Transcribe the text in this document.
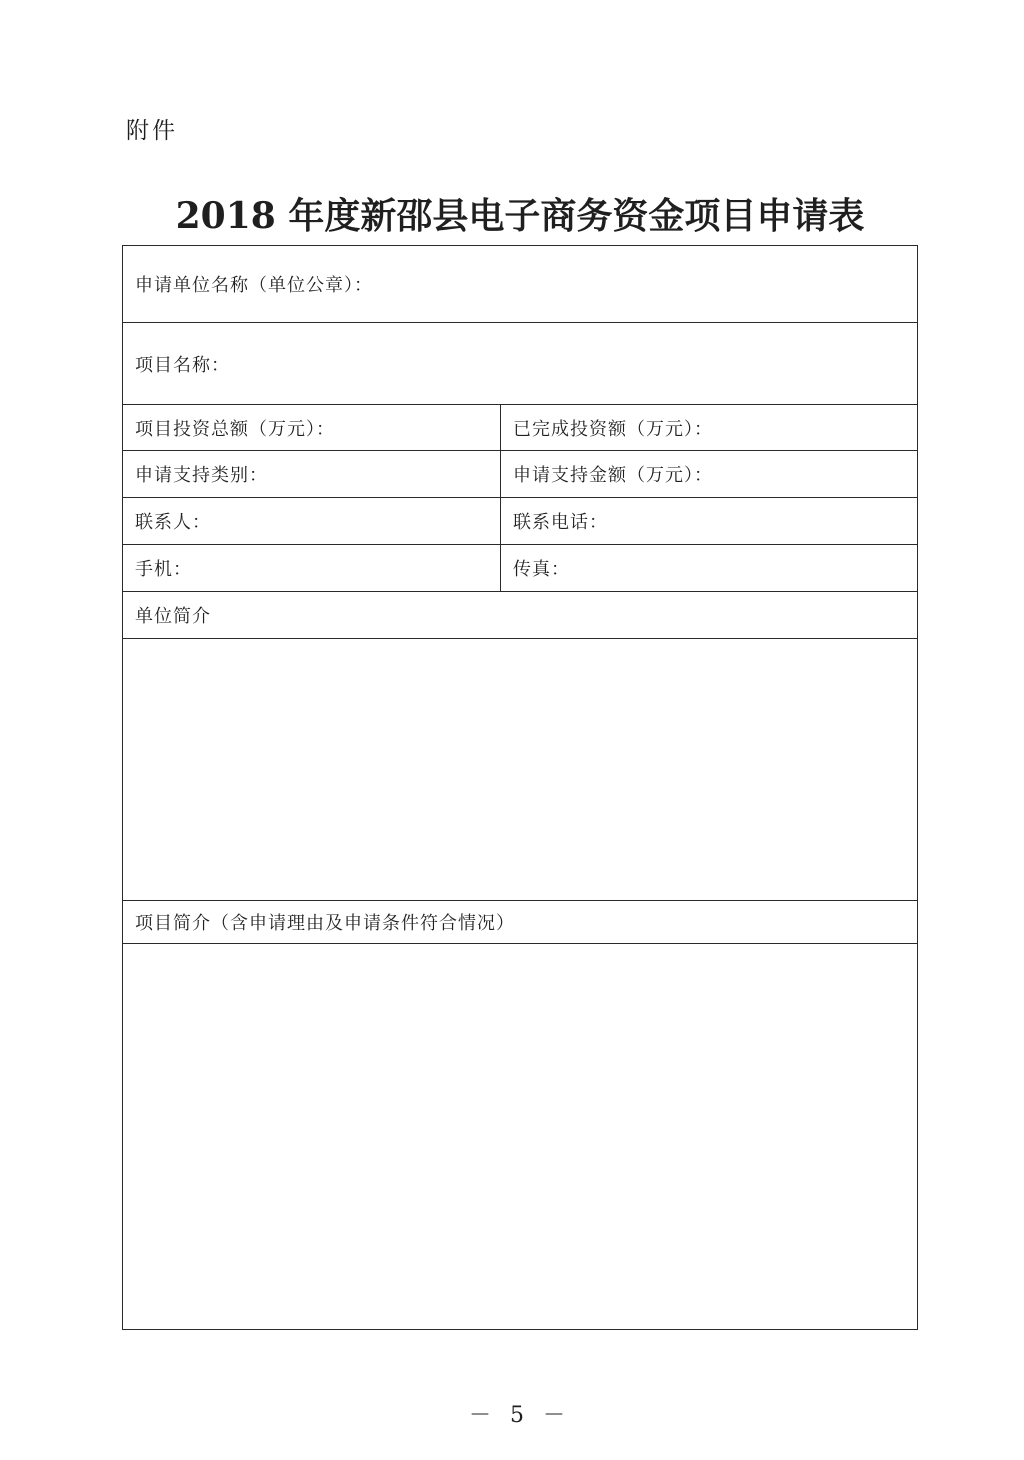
附件
2018 年度新邵县电子商务资金项目申请表
申请单位名称（单位公章）：
项目名称：
项目投资总额（万元）：	已完成投资额（万元）：
申请支持类别：	申请支持金额（万元）：
联系人：	联系电话：
手机：	传真：
单位简介
项目简介（含申请理由及申请条件符合情况）
－ 5 －
